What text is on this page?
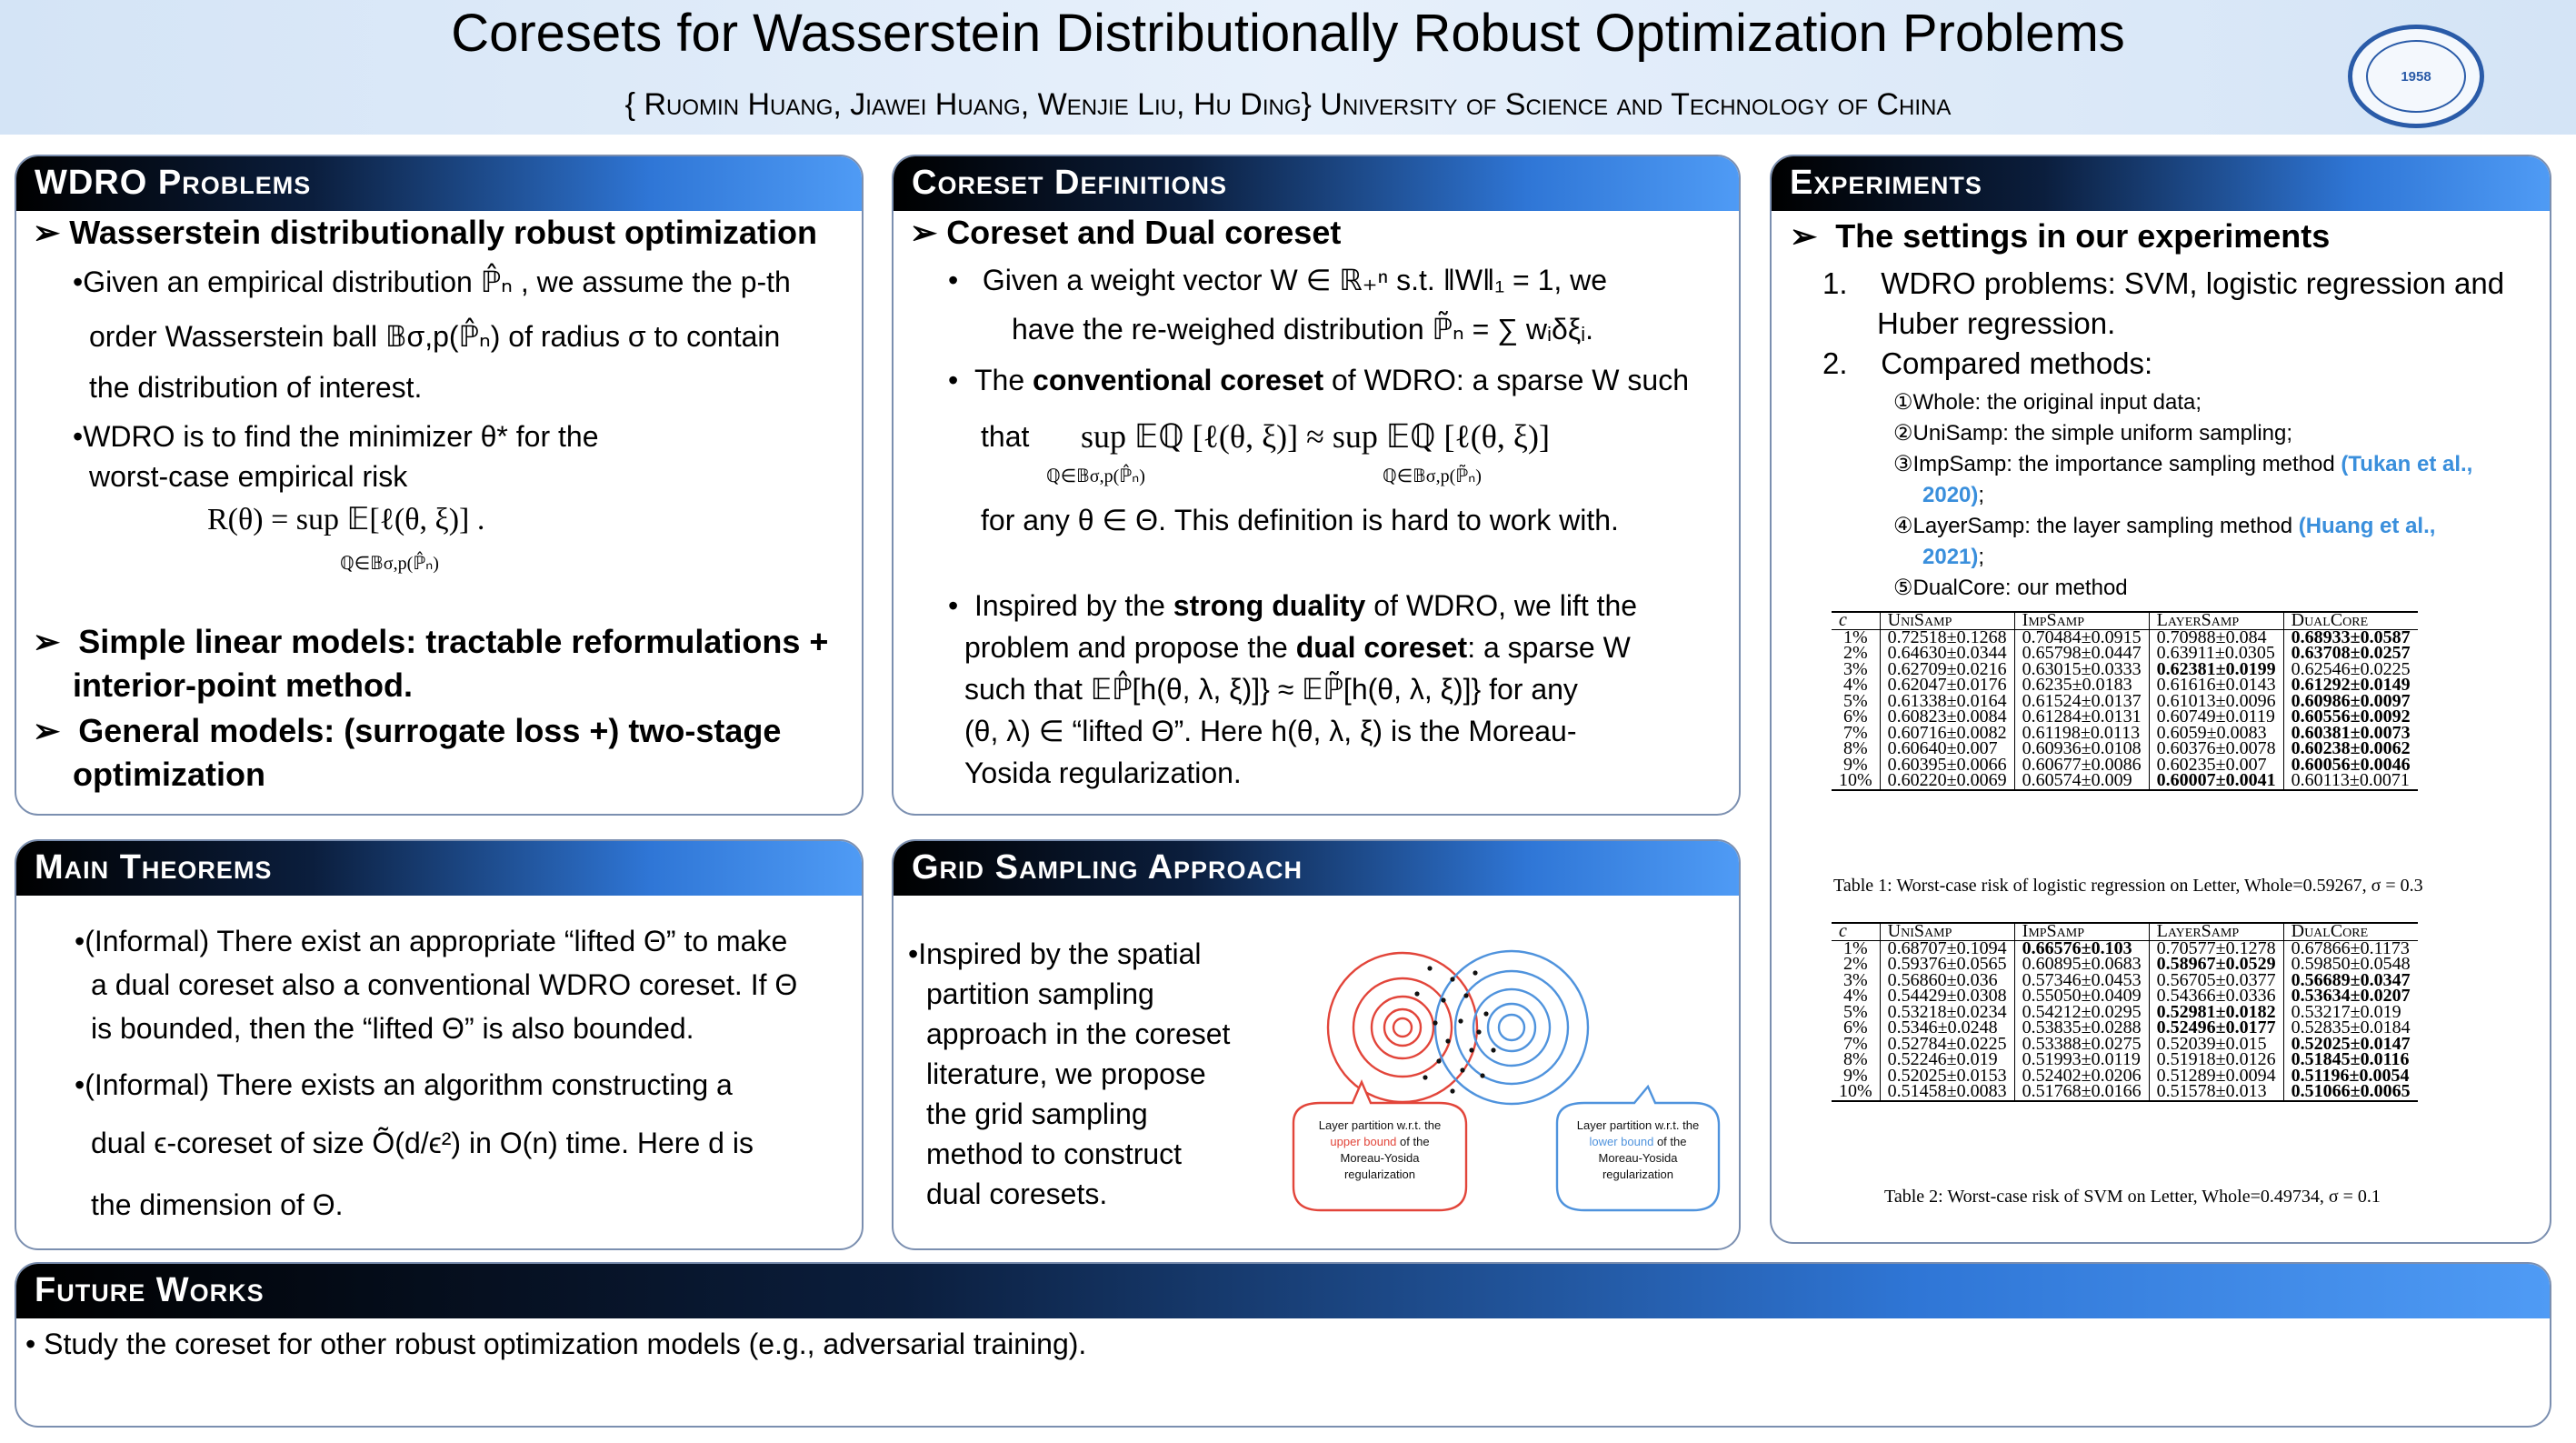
Coresets for Wasserstein Distributionally Robust Optimization Problems
{ Ruomin Huang, Jiawei Huang, Wenjie Liu, Hu Ding} University of Science and Technology of China
1958
WDRO Problems
➢ Wasserstein distributionally robust optimization
•Given an empirical distribution ℙ̂ₙ , we assume the p-th
order Wasserstein ball 𝔹σ,p(ℙ̂ₙ) of radius σ to contain
the distribution of interest.
•WDRO is to find the minimizer θ* for the
worst-case empirical risk
R(θ) = sup 𝔼[ℓ(θ, ξ)] .
ℚ∈𝔹σ,p(ℙ̂ₙ)
➢ Simple linear models: tractable reformulations +
interior-point method.
➢ General models: (surrogate loss +) two-stage
optimization
Coreset Definitions
➢ Coreset and Dual coreset
• Given a weight vector W ∈ ℝ₊ⁿ s.t. ‖W‖₁ = 1, we
have the re-weighed distribution ℙ̃ₙ = ∑ wᵢδξᵢ.
• The conventional coreset of WDRO: a sparse W such
that sup 𝔼ℚ [ℓ(θ, ξ)] ≈ sup 𝔼ℚ [ℓ(θ, ξ)]
ℚ∈𝔹σ,p(ℙ̂ₙ)	ℚ∈𝔹σ,p(ℙ̃ₙ)
for any θ ∈ Θ. This definition is hard to work with.
• Inspired by the strong duality of WDRO, we lift the
problem and propose the dual coreset: a sparse W
such that 𝔼ℙ̂[h(θ, λ, ξ)]} ≈ 𝔼ℙ̃[h(θ, λ, ξ)]} for any
(θ, λ) ∈ “lifted Θ”. Here h(θ, λ, ξ) is the Moreau-
Yosida regularization.
Experiments
➢ The settings in our experiments
1. WDRO problems: SVM, logistic regression and
Huber regression.
2. Compared methods:
①Whole: the original input data;
②UniSamp: the simple uniform sampling;
③ImpSamp: the importance sampling method (Tukan et al.,
2020);
④LayerSamp: the layer sampling method (Huang et al.,
2021);
⑤DualCore: our method
c	UniSamp	ImpSamp	LayerSamp	DualCore
1%	0.72518±0.1268	0.70484±0.0915	0.70988±0.084	0.68933±0.0587
2%	0.64630±0.0344	0.65798±0.0447	0.63911±0.0305	0.63708±0.0257
3%	0.62709±0.0216	0.63015±0.0333	0.62381±0.0199	0.62546±0.0225
4%	0.62047±0.0176	0.6235±0.0183	0.61616±0.0143	0.61292±0.0149
5%	0.61338±0.0164	0.61524±0.0137	0.61013±0.0096	0.60986±0.0097
6%	0.60823±0.0084	0.61284±0.0131	0.60749±0.0119	0.60556±0.0092
7%	0.60716±0.0082	0.61198±0.0113	0.6059±0.0083	0.60381±0.0073
8%	0.60640±0.007	0.60936±0.0108	0.60376±0.0078	0.60238±0.0062
9%	0.60395±0.0066	0.60677±0.0086	0.60235±0.007	0.60056±0.0046
10%	0.60220±0.0069	0.60574±0.009	0.60007±0.0041	0.60113±0.0071
Table 1: Worst-case risk of logistic regression on Letter, Whole=0.59267, σ = 0.3
c	UniSamp	ImpSamp	LayerSamp	DualCore
1%	0.68707±0.1094	0.66576±0.103	0.70577±0.1278	0.67866±0.1173
2%	0.59376±0.0565	0.60895±0.0683	0.58967±0.0529	0.59850±0.0548
3%	0.56860±0.036	0.57346±0.0453	0.56705±0.0377	0.56689±0.0347
4%	0.54429±0.0308	0.55050±0.0409	0.54366±0.0336	0.53634±0.0207
5%	0.53218±0.0234	0.54212±0.0295	0.52981±0.0182	0.53217±0.019
6%	0.5346±0.0248	0.53835±0.0288	0.52496±0.0177	0.52835±0.0184
7%	0.52784±0.0225	0.53388±0.0275	0.52039±0.015	0.52025±0.0147
8%	0.52246±0.019	0.51993±0.0119	0.51918±0.0126	0.51845±0.0116
9%	0.52025±0.0153	0.52402±0.0206	0.51289±0.0094	0.51196±0.0054
10%	0.51458±0.0083	0.51768±0.0166	0.51578±0.013	0.51066±0.0065
Table 2: Worst-case risk of SVM on Letter, Whole=0.49734, σ = 0.1
Main Theorems
•(Informal) There exist an appropriate “lifted Θ” to make
a dual coreset also a conventional WDRO coreset. If Θ
is bounded, then the “lifted Θ” is also bounded.
•(Informal) There exists an algorithm constructing a
dual ϵ-coreset of size Õ(d/ϵ²) in O(n) time. Here d is
the dimension of Θ.
Grid Sampling Approach
•Inspired by the spatial
partition sampling
approach in the coreset
literature, we propose
the grid sampling
method to construct
dual coresets.
Layer partition w.r.t. the
upper bound of the
Moreau-Yosida
regularization
Layer partition w.r.t. the
lower bound of the
Moreau-Yosida
regularization
Future Works
• Study the coreset for other robust optimization models (e.g., adversarial training).
